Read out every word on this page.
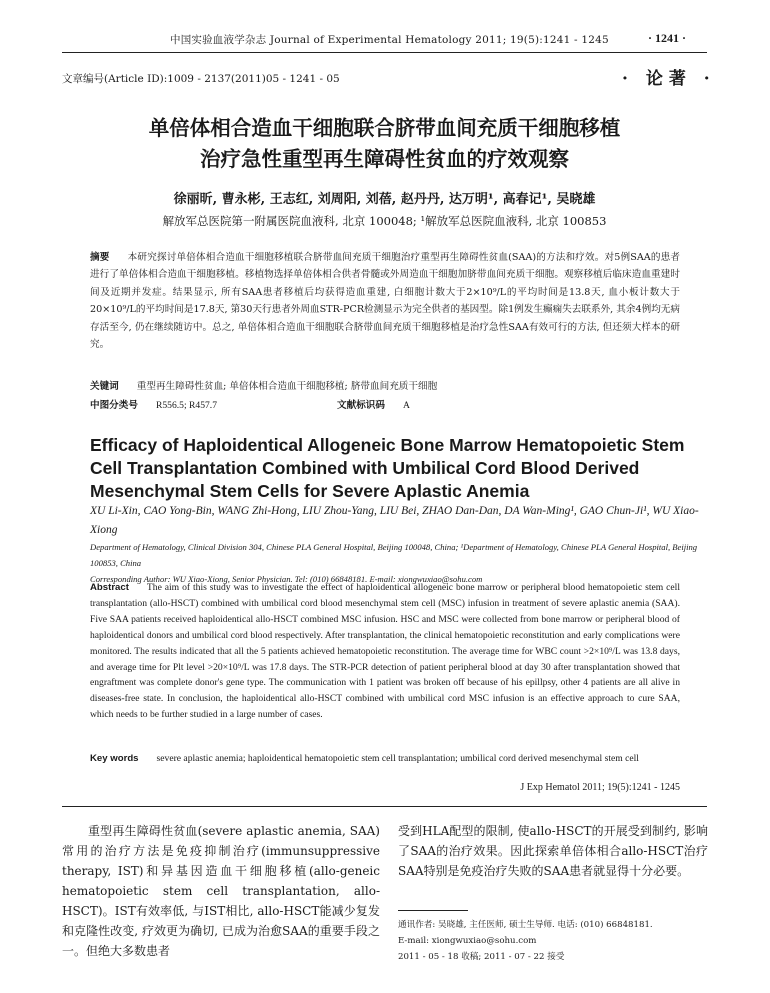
中国实验血液学杂志 Journal of Experimental Hematology 2011; 19(5):1241 - 1245	· 1241 ·
文章编号(Article ID):1009 - 2137(2011)05 - 1241 - 05	· 论著 ·
单倍体相合造血干细胞联合脐带血间充质干细胞移植
治疗急性重型再生障碍性贫血的疗效观察
徐丽昕, 曹永彬, 王志红, 刘周阳, 刘蓓, 赵丹丹, 达万明¹, 高春记¹, 吴晓雄
解放军总医院第一附属医院血液科, 北京 100048; ¹解放军总医院血液科, 北京 100853
摘要 本研究探讨单倍体相合造血干细胞移植联合脐带血间充质干细胞治疗重型再生障碍性贫血(SAA)的方法和疗效。对5例SAA的患者进行了单倍体相合造血干细胞移植。移植物选择单倍体相合供者骨髓或外周造血干细胞加脐带血间充质干细胞。观察移植后临床造血重建时间及近期并发症。结果显示, 所有SAA患者移植后均获得造血重建, 白细胞计数大于2×10⁹/L的平均时间是13.8天, 血小板计数大于20×10⁹/L的平均时间是17.8天, 第30天行患者外周血STR-PCR检测显示为完全供者的基因型。除1例发生癫痫失去联系外, 其余4例均无病存活至今, 仍在继续随访中。总之, 单倍体相合造血干细胞联合脐带血间充质干细胞移植是治疗急性SAA有效可行的方法, 但还须大样本的研究。
关键词 重型再生障碍性贫血; 单倍体相合造血干细胞移植; 脐带血间充质干细胞
中图分类号 R556.5; R457.7	文献标识码 A
Efficacy of Haploidentical Allogeneic Bone Marrow Hematopoietic Stem
Cell Transplantation Combined with Umbilical Cord Blood Derived
Mesenchymal Stem Cells for Severe Aplastic Anemia
XU Li-Xin, CAO Yong-Bin, WANG Zhi-Hong, LIU Zhou-Yang, LIU Bei, ZHAO Dan-Dan, DA Wan-Ming¹, GAO Chun-Ji¹, WU Xiao-Xiong
Department of Hematology, Clinical Division 304, Chinese PLA General Hospital, Beijing 100048, China; ¹Department of Hematology, Chinese PLA General Hospital, Beijing 100853, China
Corresponding Author: WU Xiao-Xiong, Senior Physician. Tel: (010) 66848181. E-mail: xiongwuxiao@sohu.com
Abstract The aim of this study was to investigate the effect of haploidentical allogeneic bone marrow or peripheral blood hematopoietic stem cell transplantation (allo-HSCT) combined with umbilical cord blood mesenchymal stem cell (MSC) infusion in treatment of severe aplastic anemia (SAA). Five SAA patients received haploidentical allo-HSCT combined MSC infusion. HSC and MSC were collected from bone marrow or peripheral blood of haploidentical donors and umbilical cord blood respectively. After transplantation, the clinical hematopoietic reconstitution and early complications were monitored. The results indicated that all the 5 patients achieved hematopoietic reconstitution. The average time for WBC count >2×10⁹/L was 13.8 days, and average time for Plt level >20×10⁹/L was 17.8 days. The STR-PCR detection of patient peripheral blood at day 30 after transplantation showed that engraftment was complete donor's gene type. The communication with 1 patient was broken off because of his epillpsy, other 4 patients are all alive in diseases-free state. In conclusion, the haploidentical allo-HSCT combined with umbilical cord MSC infusion is an effective approach to cure SAA, which needs to be further studied in a large number of cases.
Key words severe aplastic anemia; haploidentical hematopoietic stem cell transplantation; umbilical cord derived mesenchymal stem cell
J Exp Hematol 2011; 19(5):1241 - 1245

重型再生障碍性贫血(severe aplastic anemia, SAA)常用的治疗方法是免疫抑制治疗(immunsuppressive therapy, IST)和异基因造血干细胞移植(allo-geneic hematopoietic stem cell transplantation, allo-HSCT)。IST有效率低, 与IST相比, allo-HSCT能减少复发和克隆性改变, 疗效更为确切, 已成为治愈SAA的重要手段之一。但绝大多数患者

受到HLA配型的限制, 使allo-HSCT的开展受到制约, 影响了SAA的治疗效果。因此探索单倍体相合allo-HSCT治疗SAA特别是免疫治疗失败的SAA患者就显得十分必要。

通讯作者: 吴晓雄, 主任医师, 硕士生导师. 电话: (010) 66848181.
E-mail: xiongwuxiao@sohu.com
2011 - 05 - 18 收稿; 2011 - 07 - 22 接受
